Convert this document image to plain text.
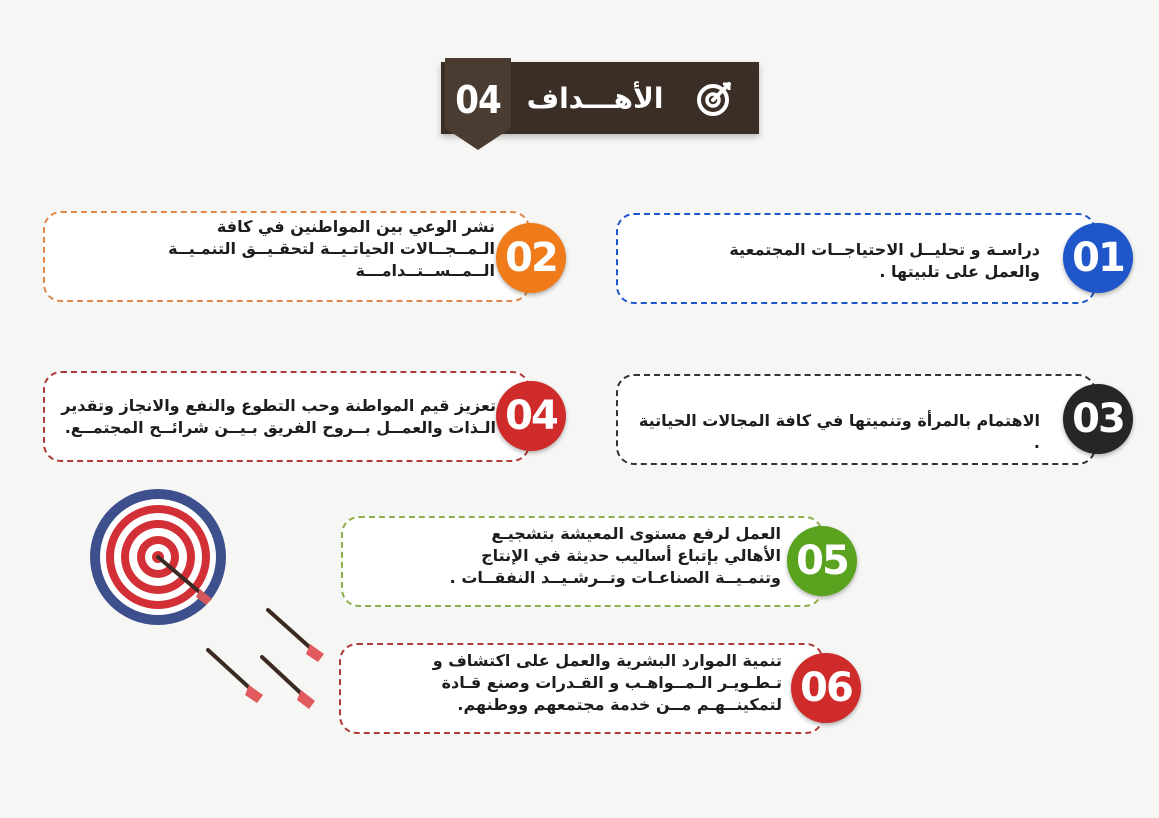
04 الأهـــداف
دراسـة و تحليــل الاحتياجــات المجتمعية والعمل على تلبيتها . 01
نشر الوعي بين المواطنين في كافة الـمــجــالات الحياتـيــة لتحقـيــق التنمـيــة الــمــســتــدامـــة 02
الاهتمام بالمرأة وتنميتها في كافة المجالات الحياتية .
03
تعزيز قيم المواطنة وحب التطوع والنفع والانجاز وتقدير الـذات والعمــل بــروح الفريق بـيــن شرائــح المجتمــع. 04
العمل لرفع مستوى المعيشة بتشجيـع الأهالي بإتباع أساليب حديثة في الإنتاج وتنمـيــة الصناعـات وتــرشـيــد النفقــات . 05
تنمية الموارد البشرية والعمل على اكتشاف و تـطـويـر الـمــواهـب و القـدرات وصنع قـادة لتمكينــهـم مــن خدمة مجتمعهم ووطنهم. 06
